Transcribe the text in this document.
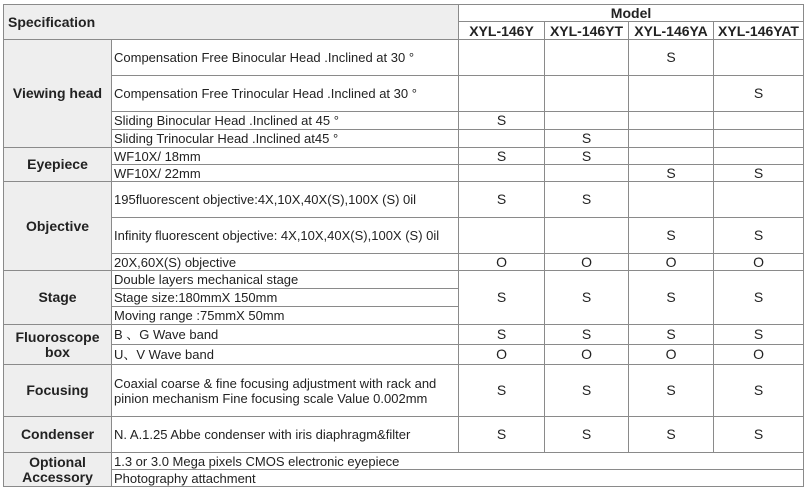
Specification		Model			
		XYL-146Y	XYL-146YT	XYL-146YA	XYL-146YAT
Viewing head	Compensation Free Binocular Head .Inclined at 30 °			S	
	Compensation Free Trinocular Head .Inclined at 30 °				S
	Sliding Binocular Head .Inclined at 45 °	S			
	Sliding Trinocular Head .Inclined at45 °		S		
Eyepiece	WF10X/ 18mm	S	S		
	WF10X/ 22mm			S	S
Objective	195fluorescent objective:4X,10X,40X(S),100X (S) 0il	S	S		
	Infinity fluorescent objective: 4X,10X,40X(S),100X (S) 0il			S	S
	20X,60X(S) objective	O	O	O	O
Stage	Double layers mechanical stage	S	S	S	S
	Stage size:180mmX 150mm				
	Moving range :75mmX 50mm				
Fluoroscope box	B 、G Wave band	S	S	S	S
	U、V Wave band	O	O	O	O
Focusing	Coaxial coarse & fine focusing adjustment with rack and pinion mechanism Fine focusing scale Value 0.002mm	S	S	S	S
Condenser	N. A.1.25 Abbe condenser with iris diaphragm&filter	S	S	S	S
Optional Accessory	1.3 or 3.0 Mega pixels CMOS electronic eyepiece				
	Photography attachment				
